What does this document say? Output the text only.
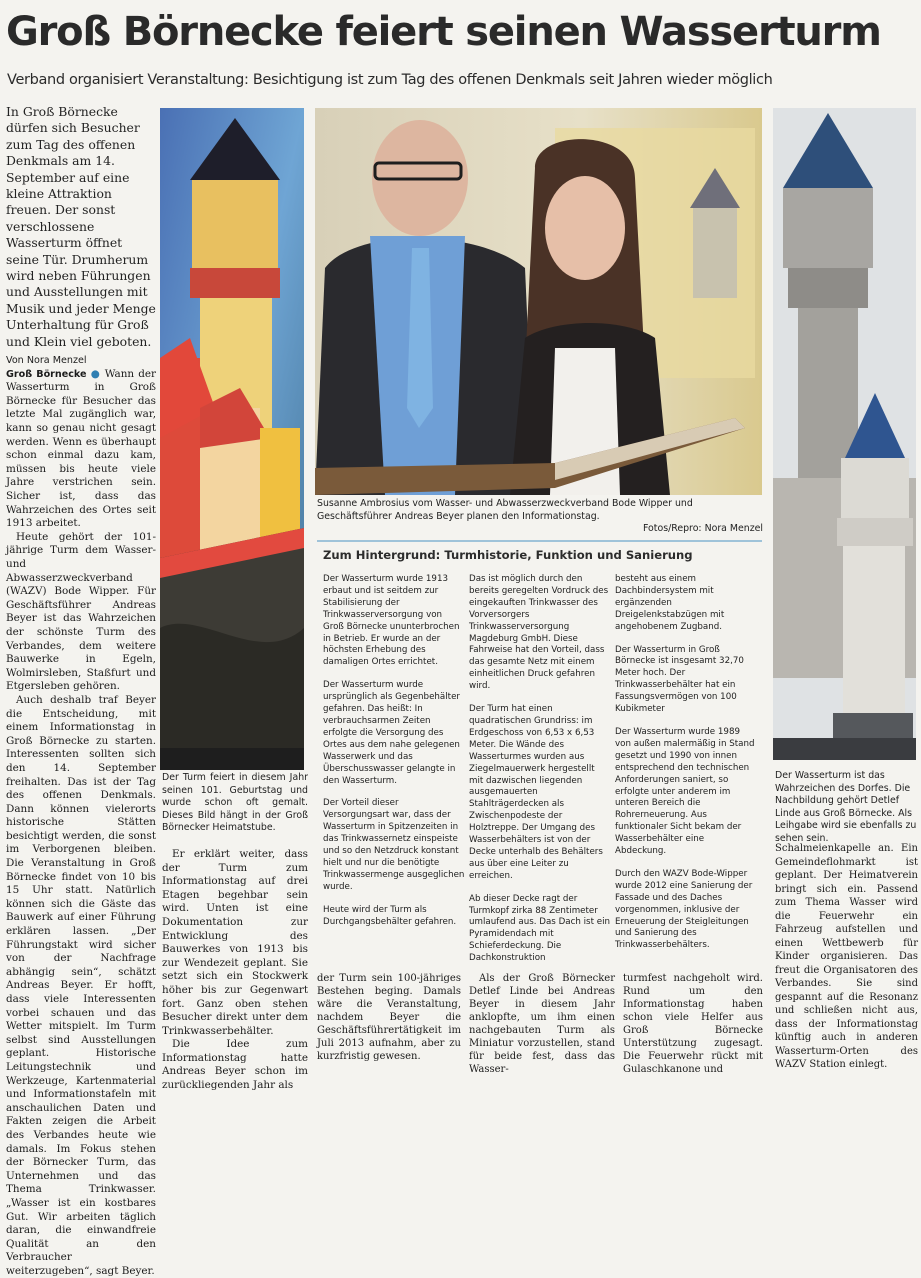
Groß Börnecke feiert seinen Wasserturm
Verband organisiert Veranstaltung: Besichtigung ist zum Tag des offenen Denkmals seit Jahren wieder möglich
In Groß Börnecke dürfen sich Besucher zum Tag des offenen Denkmals am 14. September auf eine kleine Attraktion freuen. Der sonst verschlossene Wasserturm öffnet seine Tür. Drumherum wird neben Führungen und Ausstellungen mit Musik und jeder Menge Unterhaltung für Groß und Klein viel geboten.
Von Nora Menzel

Groß Börnecke ● Wann der Wasserturm in Groß Börnecke für Besucher das letzte Mal zugänglich war, kann so genau nicht gesagt werden. Wenn es überhaupt schon einmal dazu kam, müssen bis heute viele Jahre verstrichen sein. Sicher ist, dass das Wahrzeichen des Ortes seit 1913 arbeitet.

Heute gehört der 101-jährige Turm dem Wasser- und Abwasserzweckverband (WAZV) Bode Wipper. Für Geschäftsführer Andreas Beyer ist das Wahrzeichen der schönste Turm des Verbandes, dem weitere Bauwerke in Egeln, Wolmirsleben, Staßfurt und Etgersleben gehören.

Auch deshalb traf Beyer die Entscheidung, mit einem Informationstag in Groß Börnecke zu starten. Interessenten sollten sich den 14. September freihalten. Das ist der Tag des offenen Denkmals. Dann können vielerorts historische Stätten besichtigt werden, die sonst im Verborgenen bleiben. Die Veranstaltung in Groß Börnecke findet von 10 bis 15 Uhr statt. Natürlich können sich die Gäste das Bauwerk auf einer Führung erklären lassen. „Der Führungstakt wird sicher von der Nachfrage abhängig sein“, schätzt Andreas Beyer. Er hofft, dass viele Interessenten vorbei schauen und das Wetter mitspielt. Im Turm selbst sind Ausstellungen geplant. Historische Leitungstechnik und Werkzeuge, Kartenmaterial und Informationstafeln mit anschaulichen Daten und Fakten zeigen die Arbeit des Verbandes heute wie damals. Im Fokus stehen der Börnecker Turm, das Unternehmen und das Thema Trinkwasser. „Wasser ist ein kostbares Gut. Wir arbeiten täglich daran, die einwandfreie Qualität an den Verbraucher weiterzugeben“, sagt Beyer.

Der Turm feiert in diesem Jahr seinen 101. Geburtstag und wurde schon oft gemalt. Dieses Bild hängt in der Groß Börnecker Heimatstube.

Er erklärt weiter, dass der Turm zum Informationstag auf drei Etagen begehbar sein wird. Unten ist eine Dokumentation zur Entwicklung des Bauwerkes von 1913 bis zur Wendezeit geplant. Sie setzt sich ein Stockwerk höher bis zur Gegenwart fort. Ganz oben stehen Besucher direkt unter dem Trinkwasserbehälter.

Die Idee zum Informationstag hatte Andreas Beyer schon im zurückliegenden Jahr als

Susanne Ambrosius vom Wasser- und Abwasserzweckverband Bode Wipper und Geschäftsführer Andreas Beyer planen den Informationstag.
Fotos/Repro: Nora Menzel
Zum Hintergrund: Turmhistorie, Funktion und Sanierung

Der Wasserturm wurde 1913 erbaut und ist seitdem zur Stabilisierung der Trinkwasserversorgung von Groß Börnecke ununterbrochen in Betrieb. Er wurde an der höchsten Erhebung des damaligen Ortes errichtet.

Der Wasserturm wurde ursprünglich als Gegenbehälter gefahren. Das heißt: In verbrauchsarmen Zeiten erfolgte die Versorgung des Ortes aus dem nahe gelegenen Wasserwerk und das Überschusswasser gelangte in den Wasserturm.

Der Vorteil dieser Versorgungsart war, dass der Wasserturm in Spitzenzeiten in das Trinkwassernetz einspeiste und so den Netzdruck konstant hielt und nur die benötigte Trinkwassermenge ausgeglichen wurde.

Heute wird der Turm als Durchgangsbehälter gefahren.

Das ist möglich durch den bereits geregelten Vordruck des eingekauften Trinkwasser des Vorversorgers Trinkwasserversorgung Magdeburg GmbH. Diese Fahrweise hat den Vorteil, dass das gesamte Netz mit einem einheitlichen Druck gefahren wird.

Der Turm hat einen quadratischen Grundriss: im Erdgeschoss von 6,53 x 6,53 Meter. Die Wände des Wasserturmes wurden aus Ziegelmauerwerk hergestellt mit dazwischen liegenden ausgemauerten Stahlträgerdecken als Zwischenpodeste der Holztreppe. Der Umgang des Wasserbehälters ist von der Decke unterhalb des Behälters aus über eine Leiter zu erreichen.

Ab dieser Decke ragt der Turmkopf zirka 88 Zentimeter umlaufend aus. Das Dach ist ein Pyramidendach mit Schieferdeckung. Die Dachkonstruktion

besteht aus einem Dachbindersystem mit ergänzenden Dreigelenkstabzügen mit angehobenem Zugband.

Der Wasserturm in Groß Börnecke ist insgesamt 32,70 Meter hoch. Der Trinkwasserbehälter hat ein Fassungsvermögen von 100 Kubikmeter

Der Wasserturm wurde 1989 von außen malermäßig in Stand gesetzt und 1990 von innen entsprechend den technischen Anforderungen saniert, so erfolgte unter anderem im unteren Bereich die Rohrerneuerung. Aus funktionaler Sicht bekam der Wasserbehälter eine Abdeckung.

Durch den WAZV Bode-Wipper wurde 2012 eine Sanierung der Fassade und des Daches vorgenommen, inklusive der Erneuerung der Steigleitungen und Sanierung des Trinkwasserbehälters.

der Turm sein 100-jähriges Bestehen beging. Damals wäre die Veranstaltung, nachdem Beyer die Geschäftsführertätigkeit im Juli 2013 aufnahm, aber zu kurzfristig gewesen.

Als der Groß Börnecker Detlef Linde bei Andreas Beyer in diesem Jahr anklopfte, um ihm einen nachgebauten Turm als Miniatur vorzustellen, stand für beide fest, dass das Wasser-

turmfest nachgeholt wird. Rund um den Informationstag haben schon viele Helfer aus Groß Börnecke Unterstützung zugesagt. Die Feuerwehr rückt mit Gulaschkanone und

Der Wasserturm ist das Wahrzeichen des Dorfes. Die Nachbildung gehört Detlef Linde aus Groß Börnecke. Als Leihgabe wird sie ebenfalls zu sehen sein.

Schalmeienkapelle an. Ein Gemeindeflohmarkt ist geplant. Der Heimatverein bringt sich ein. Passend zum Thema Wasser wird die Feuerwehr ein Fahrzeug aufstellen und einen Wettbewerb für Kinder organisieren. Das freut die Organisatoren des Verbandes. Sie sind gespannt auf die Resonanz und schließen nicht aus, dass der Informationstag künftig auch in anderen Wasserturm-Orten des WAZV Station einlegt.
